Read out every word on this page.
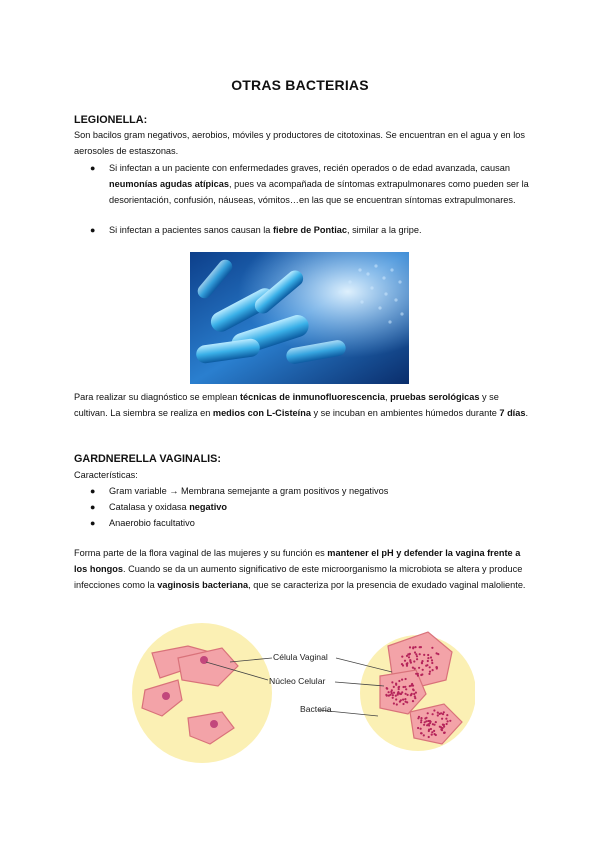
OTRAS BACTERIAS
LEGIONELLA:
Son bacilos gram negativos, aerobios, móviles y productores de citotoxinas. Se encuentran en el agua y en los aerosoles de estaszonas.
●	Si infectan a un paciente con enfermedades graves, recién operados o de edad avanzada, causan neumonías agudas atípicas, pues va acompañada de síntomas extrapulmonares como pueden ser la desorientación, confusión, náuseas, vómitos…en las que se encuentran síntomas extrapulmonares.
●	Si infectan a pacientes sanos causan la fiebre de Pontiac, similar a la gripe.
Para realizar su diagnóstico se emplean técnicas de inmunofluorescencia, pruebas serológicas y se cultivan. La siembra se realiza en medios con L-Cisteína y se incuban en ambientes húmedos durante 7 días.
GARDNERELLA VAGINALIS:
Características:
●	Gram variable → Membrana semejante a gram positivos y negativos
●	Catalasa y oxidasa negativo
●	Anaerobio facultativo
Forma parte de la flora vaginal de las mujeres y su función es mantener el pH y defender la vagina frente a los hongos. Cuando se da un aumento significativo de este microorganismo la microbiota se altera y produce infecciones como la vaginosis bacteriana, que se caracteriza por la presencia de exudado vaginal maloliente.
Célula Vaginal
Núcleo Celular
Bacteria
